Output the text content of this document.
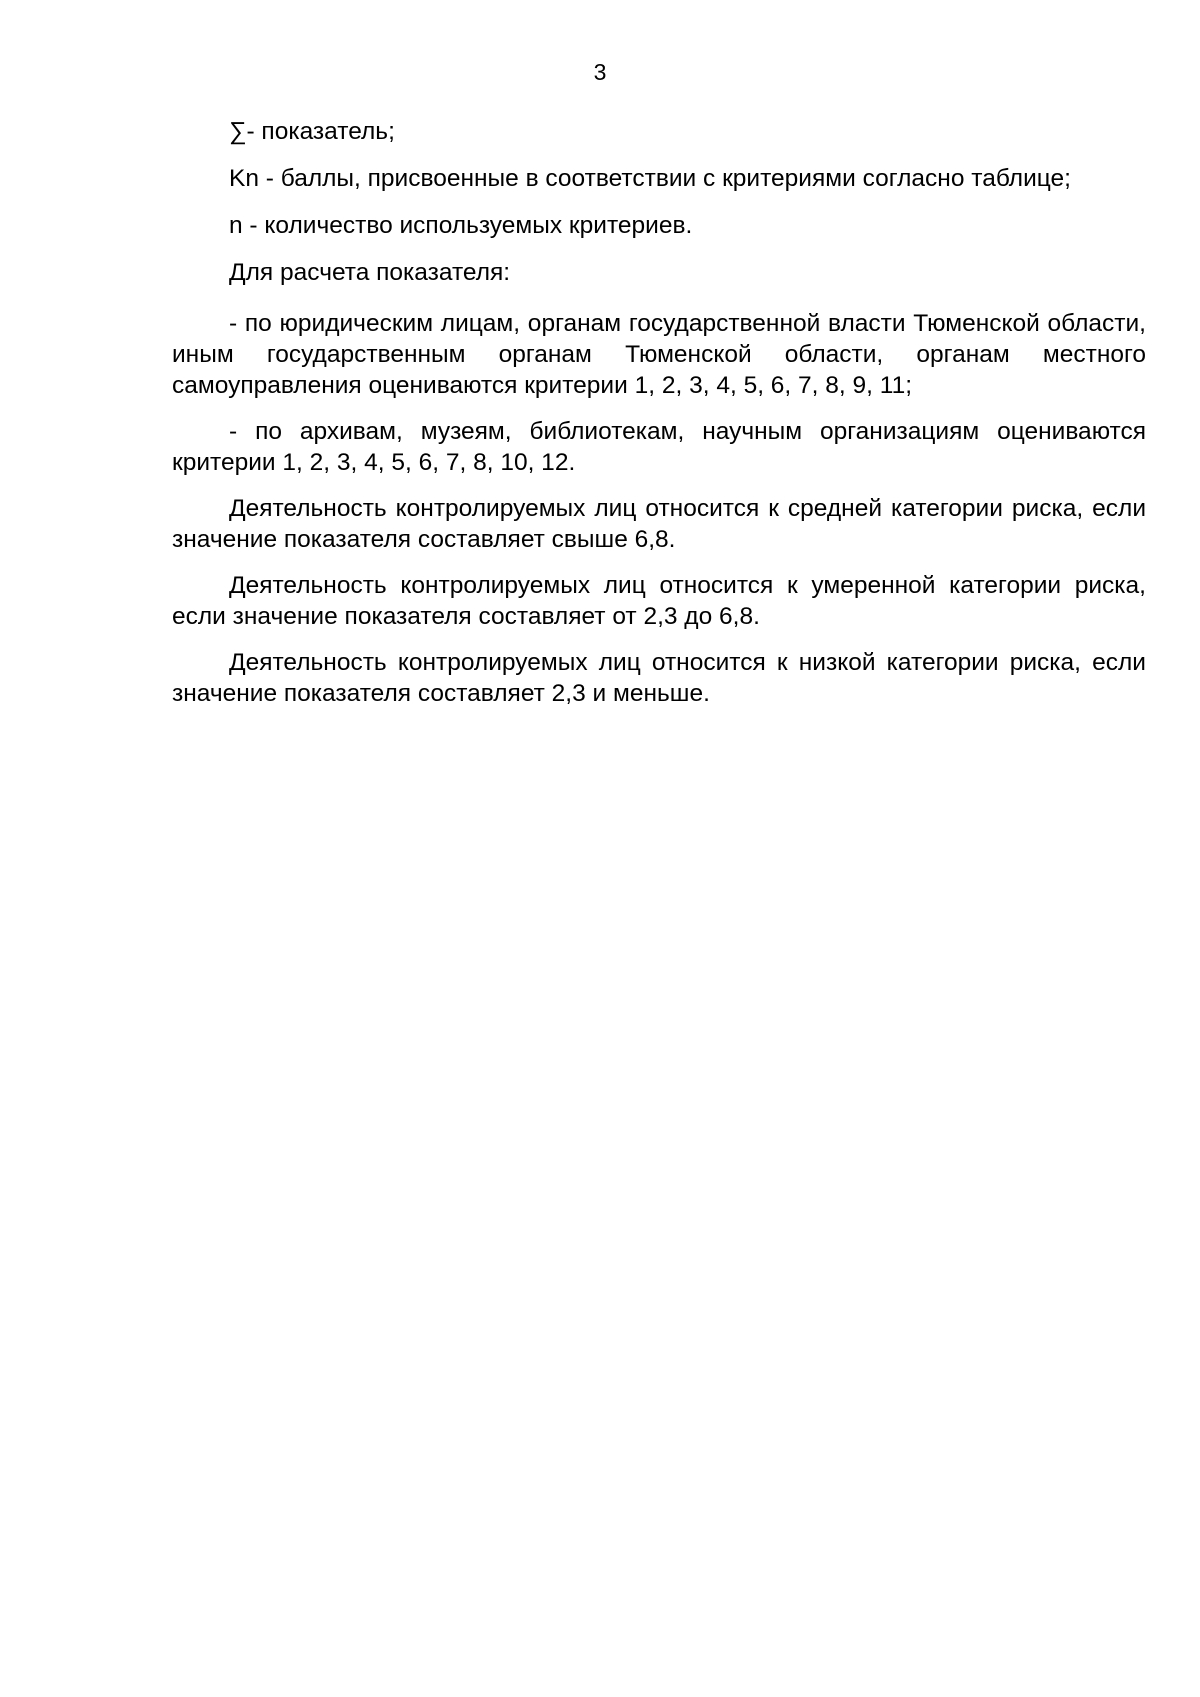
3

∑- показатель;

Kn - баллы, присвоенные в соответствии с критериями согласно таблице;

n - количество используемых критериев.

Для расчета показателя:

- по юридическим лицам, органам государственной власти Тюменской области, иным государственным органам Тюменской области, органам местного самоуправления оцениваются критерии 1, 2, 3, 4, 5, 6, 7, 8, 9, 11;

- по архивам, музеям, библиотекам, научным организациям оцениваются критерии 1, 2, 3, 4, 5, 6, 7, 8, 10, 12.

Деятельность контролируемых лиц относится к средней категории риска, если значение показателя составляет свыше 6,8.

Деятельность контролируемых лиц относится к умеренной категории риска, если значение показателя составляет от 2,3 до 6,8.

Деятельность контролируемых лиц относится к низкой категории риска, если значение показателя составляет 2,3 и меньше.
